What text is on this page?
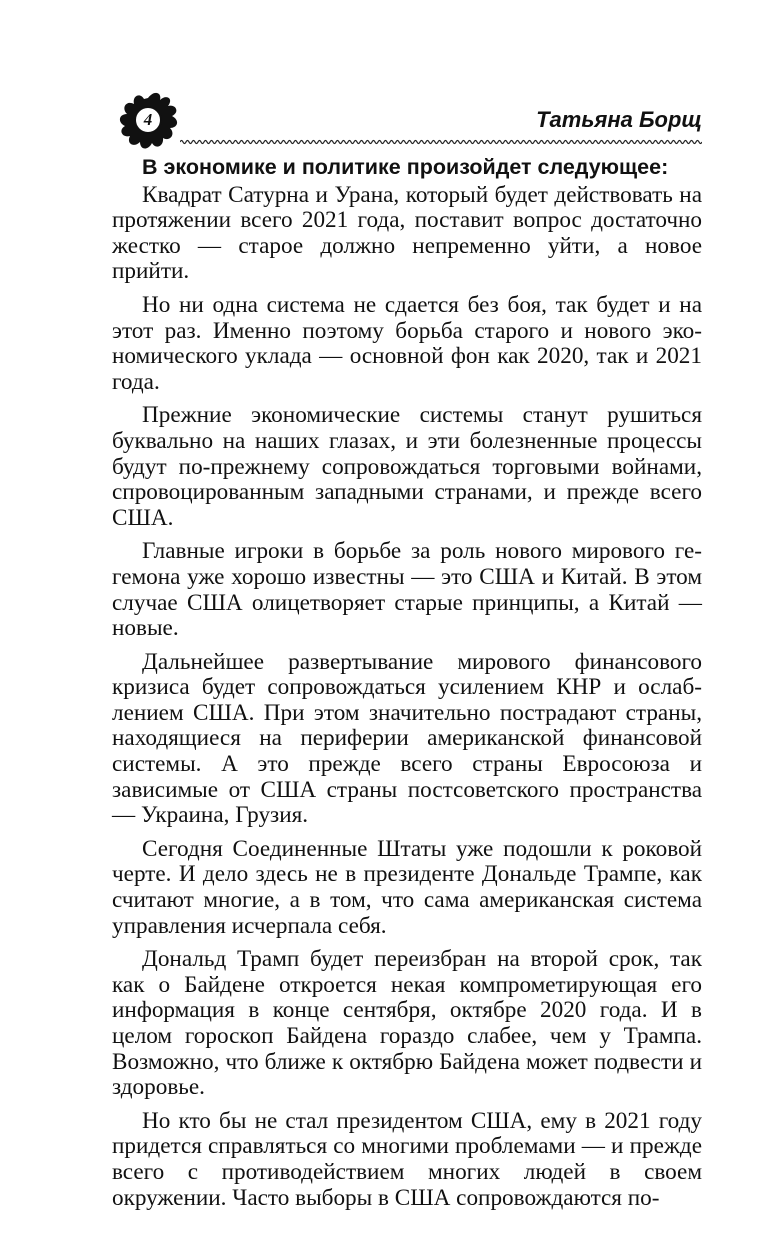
4	Татьяна Борщ
В экономике и политике произойдет следующее:

Квадрат Сатурна и Урана, который будет действовать на протяжении всего 2021 года, поставит вопрос достаточно жестко — старое должно непременно уйти, а новое прийти.

Но ни одна система не сдается без боя, так будет и на этот раз. Именно поэтому борьба старого и нового экономического уклада — основной фон как 2020, так и 2021 года.

Прежние экономические системы станут рушиться буквально на наших глазах, и эти болезненные процессы будут по-прежнему сопровождаться торговыми войнами, спровоцированным западными странами, и прежде всего США.

Главные игроки в борьбе за роль нового мирового гегемона уже хорошо известны — это США и Китай. В этом случае США олицетворяет старые принципы, а Китай — новые.

Дальнейшее развертывание мирового финансового кризиса будет сопровождаться усилением КНР и ослаблением США. При этом значительно пострадают страны, находящиеся на периферии американской финансовой системы. А это прежде всего страны Евросоюза и зависимые от США страны постсоветского пространства — Украина, Грузия.

Сегодня Соединенные Штаты уже подошли к роковой черте. И дело здесь не в президенте Дональде Трампе, как считают многие, а в том, что сама американская система управления исчерпала себя.

Дональд Трамп будет переизбран на второй срок, так как о Байдене откроется некая компрометирующая его информация в конце сентября, октябре 2020 года. И в целом гороскоп Байдена гораздо слабее, чем у Трампа. Возможно, что ближе к октябрю Байдена может подвести и здоровье.

Но кто бы не стал президентом США, ему в 2021 году придется справляться со многими проблемами — и прежде всего с противодействием многих людей в своем окружении. Часто выборы в США сопровождаются по-
